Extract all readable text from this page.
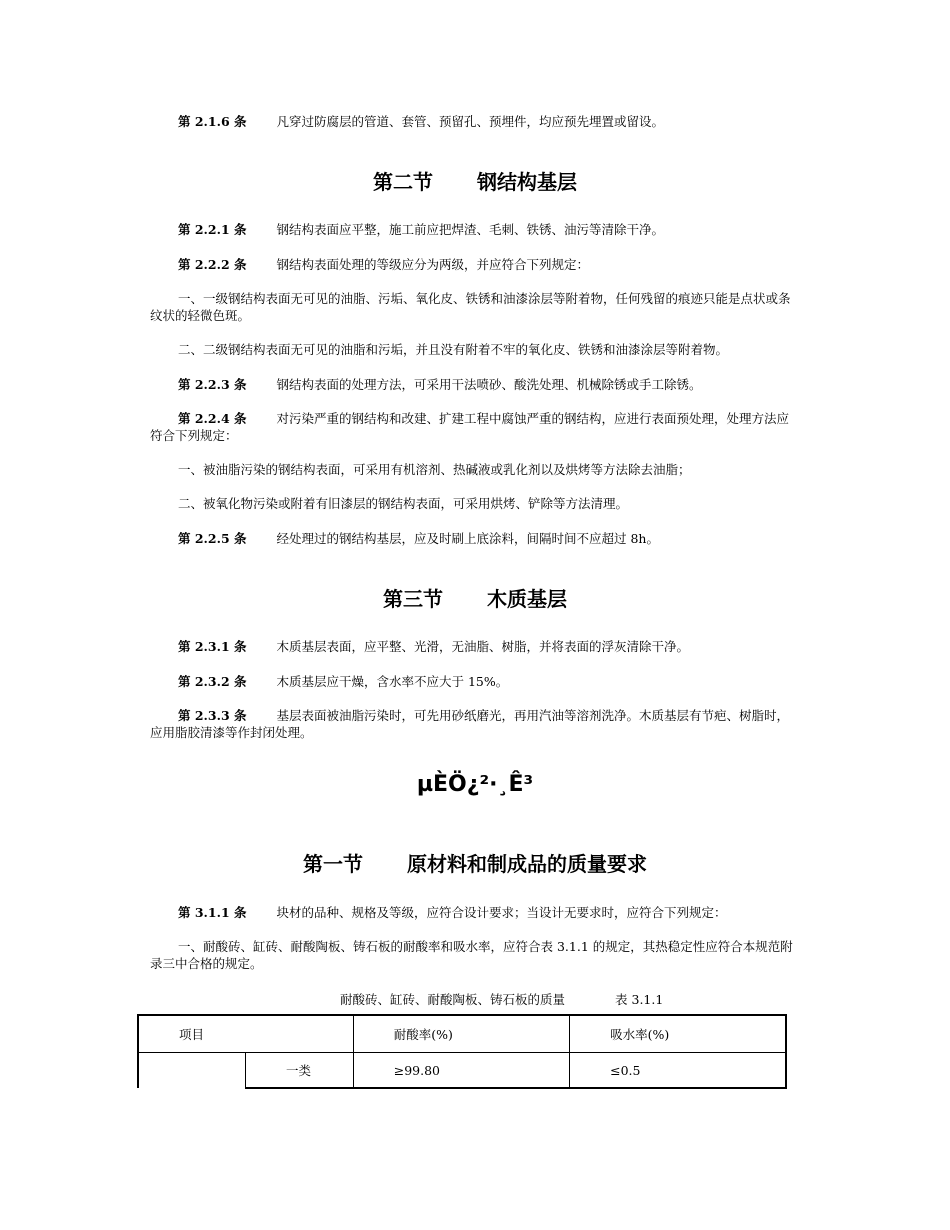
第 2.1.6 条 凡穿过防腐层的管道、套管、预留孔、预埋件，均应预先埋置或留设。

第二节 钢结构基层

第 2.2.1 条 钢结构表面应平整，施工前应把焊渣、毛刺、铁锈、油污等清除干净。

第 2.2.2 条 钢结构表面处理的等级应分为两级，并应符合下列规定：

一、一级钢结构表面无可见的油脂、污垢、氧化皮、铁锈和油漆涂层等附着物，任何残留的痕迹只能是点状或条纹状的轻微色斑。

二、二级钢结构表面无可见的油脂和污垢，并且没有附着不牢的氧化皮、铁锈和油漆涂层等附着物。

第 2.2.3 条 钢结构表面的处理方法，可采用干法喷砂、酸洗处理、机械除锈或手工除锈。

第 2.2.4 条 对污染严重的钢结构和改建、扩建工程中腐蚀严重的钢结构，应进行表面预处理，处理方法应符合下列规定：

一、被油脂污染的钢结构表面，可采用有机溶剂、热碱液或乳化剂以及烘烤等方法除去油脂；

二、被氧化物污染或附着有旧漆层的钢结构表面，可采用烘烤、铲除等方法清理。

第 2.2.5 条 经处理过的钢结构基层，应及时刷上底涂料，间隔时间不应超过 8h。

第三节 木质基层

第 2.3.1 条 木质基层表面，应平整、光滑，无油脂、树脂，并将表面的浮灰清除干净。

第 2.3.2 条 木质基层应干燥，含水率不应大于 15%。

第 2.3.3 条 基层表面被油脂污染时，可先用砂纸磨光，再用汽油等溶剂洗净。木质基层有节疤、树脂时，应用脂胶清漆等作封闭处理。

µÈÖ¿²·¸Ê³
第一节 原材料和制成品的质量要求

第 3.1.1 条 块材的品种、规格及等级，应符合设计要求；当设计无要求时，应符合下列规定：

一、耐酸砖、缸砖、耐酸陶板、铸石板的耐酸率和吸水率，应符合表 3.1.1 的规定，其热稳定性应符合本规范附录三中合格的规定。

耐酸砖、缸砖、耐酸陶板、铸石板的质量	表 3.1.1
项目		耐酸率(%)	吸水率(%)
	一类	≥99.80	≤0.5
